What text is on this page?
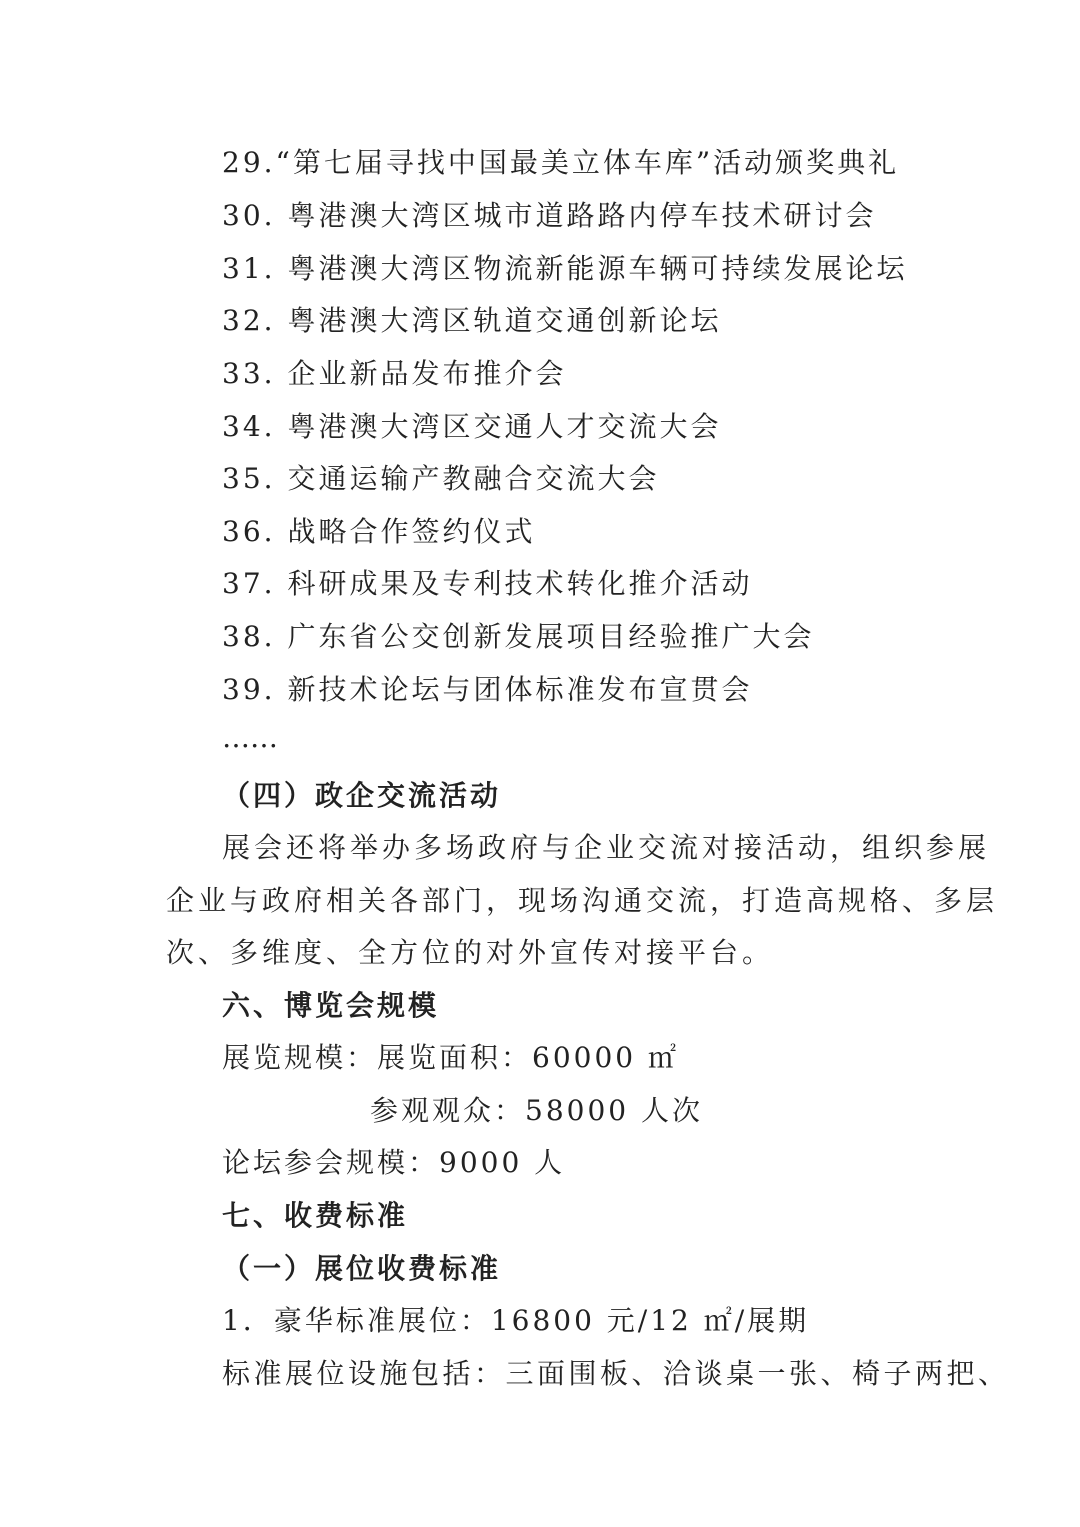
29.“第七届寻找中国最美立体车库”活动颁奖典礼
30. 粤港澳大湾区城市道路路内停车技术研讨会
31. 粤港澳大湾区物流新能源车辆可持续发展论坛
32. 粤港澳大湾区轨道交通创新论坛
33. 企业新品发布推介会
34. 粤港澳大湾区交通人才交流大会
35. 交通运输产教融合交流大会
36. 战略合作签约仪式
37. 科研成果及专利技术转化推介活动
38. 广东省公交创新发展项目经验推广大会
39. 新技术论坛与团体标准发布宣贯会
……
（四）政企交流活动
展会还将举办多场政府与企业交流对接活动，组织参展
企业与政府相关各部门，现场沟通交流，打造高规格、多层
次、多维度、全方位的对外宣传对接平台。
六、博览会规模
展览规模：展览面积：60000 ㎡
参观观众：58000 人次
论坛参会规模：9000 人
七、收费标准
（一）展位收费标准
1．豪华标准展位：16800 元/12 ㎡/展期
标准展位设施包括：三面围板、洽谈桌一张、椅子两把、
